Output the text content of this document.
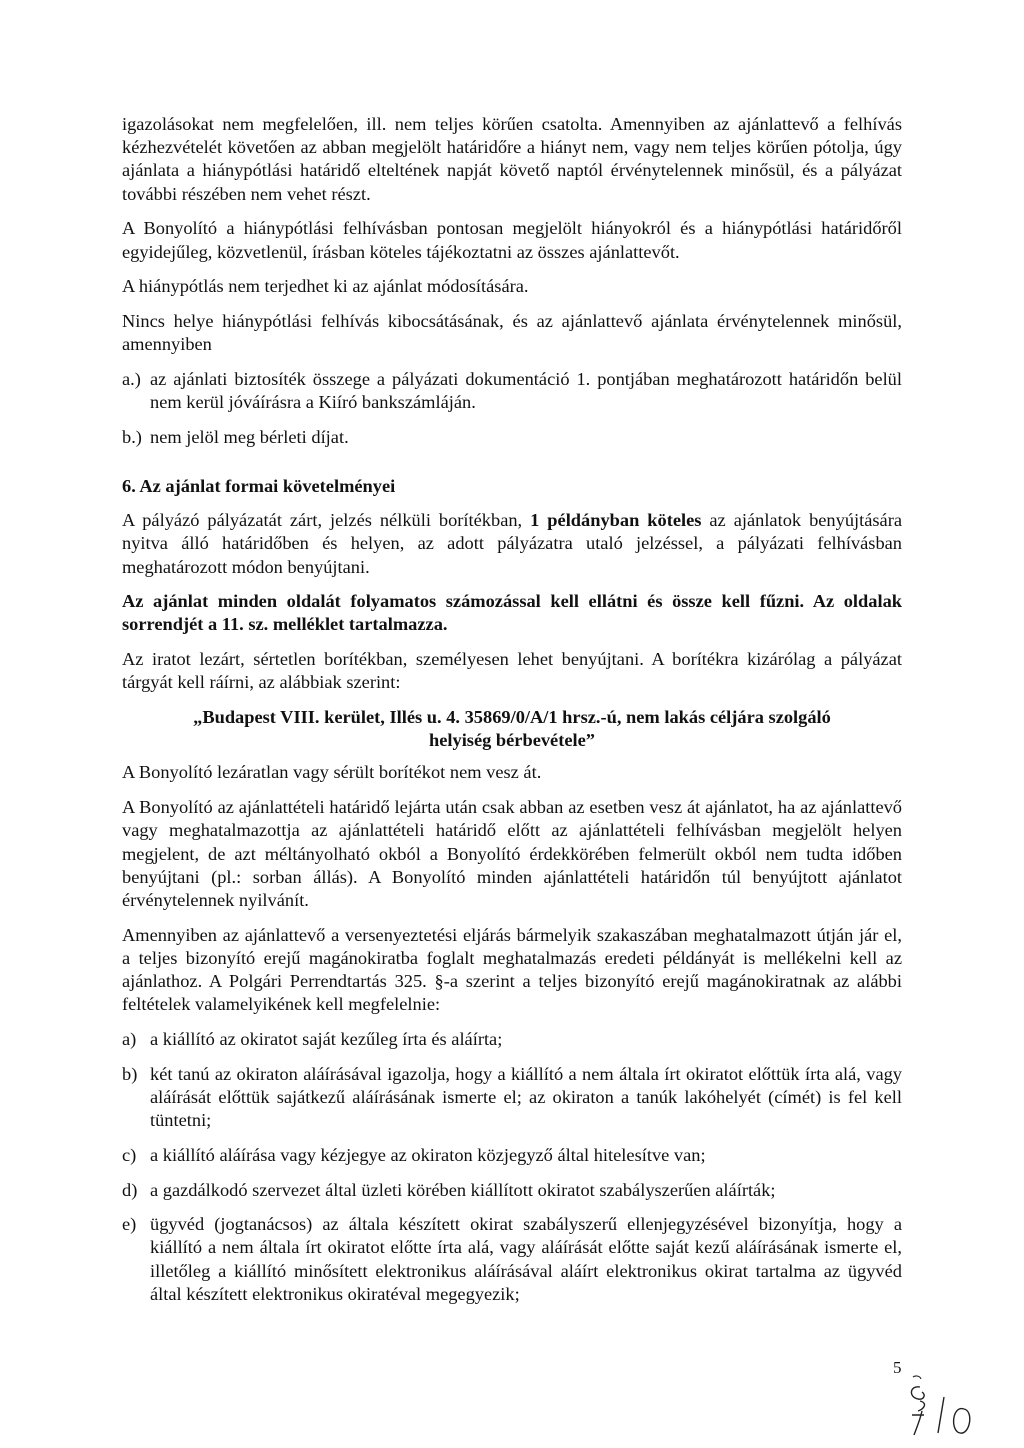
igazolásokat nem megfelelően, ill. nem teljes körűen csatolta. Amennyiben az ajánlattevő a felhívás kézhezvételét követően az abban megjelölt határidőre a hiányt nem, vagy nem teljes körűen pótolja, úgy ajánlata a hiánypótlási határidő elteltének napját követő naptól érvénytelennek minősül, és a pályázat további részében nem vehet részt.

A Bonyolító a hiánypótlási felhívásban pontosan megjelölt hiányokról és a hiánypótlási határidőről egyidejűleg, közvetlenül, írásban köteles tájékoztatni az összes ajánlattevőt.

A hiánypótlás nem terjedhet ki az ajánlat módosítására.

Nincs helye hiánypótlási felhívás kibocsátásának, és az ajánlattevő ajánlata érvénytelennek minősül, amennyiben

a.) az ajánlati biztosíték összege a pályázati dokumentáció 1. pontjában meghatározott határidőn belül nem kerül jóváírásra a Kiíró bankszámláján.
b.) nem jelöl meg bérleti díjat.
6. Az ajánlat formai követelményei

A pályázó pályázatát zárt, jelzés nélküli borítékban, 1 példányban köteles az ajánlatok benyújtására nyitva álló határidőben és helyen, az adott pályázatra utaló jelzéssel, a pályázati felhívásban meghatározott módon benyújtani.

Az ajánlat minden oldalát folyamatos számozással kell ellátni és össze kell fűzni. Az oldalak sorrendjét a 11. sz. melléklet tartalmazza.

Az iratot lezárt, sértetlen borítékban, személyesen lehet benyújtani. A borítékra kizárólag a pályázat tárgyát kell ráírni, az alábbiak szerint:

„Budapest VIII. kerület, Illés u. 4. 35869/0/A/1 hrsz.-ú, nem lakás céljára szolgáló
helyiség bérbevétele”

A Bonyolító lezáratlan vagy sérült borítékot nem vesz át.

A Bonyolító az ajánlattételi határidő lejárta után csak abban az esetben vesz át ajánlatot, ha az ajánlattevő vagy meghatalmazottja az ajánlattételi határidő előtt az ajánlattételi felhívásban megjelölt helyen megjelent, de azt méltányolható okból a Bonyolító érdekkörében felmerült okból nem tudta időben benyújtani (pl.: sorban állás). A Bonyolító minden ajánlattételi határidőn túl benyújtott ajánlatot érvénytelennek nyilvánít.

Amennyiben az ajánlattevő a versenyeztetési eljárás bármelyik szakaszában meghatalmazott útján jár el, a teljes bizonyító erejű magánokiratba foglalt meghatalmazás eredeti példányát is mellékelni kell az ajánlathoz. A Polgári Perrendtartás 325. §-a szerint a teljes bizonyító erejű magánokiratnak az alábbi feltételek valamelyikének kell megfelelnie:

a) a kiállító az okiratot saját kezűleg írta és aláírta;
b) két tanú az okiraton aláírásával igazolja, hogy a kiállító a nem általa írt okiratot előttük írta alá, vagy aláírását előttük sajátkezű aláírásának ismerte el; az okiraton a tanúk lakóhelyét (címét) is fel kell tüntetni;
c) a kiállító aláírása vagy kézjegye az okiraton közjegyző által hitelesítve van;
d) a gazdálkodó szervezet által üzleti körében kiállított okiratot szabályszerűen aláírták;
e) ügyvéd (jogtanácsos) az általa készített okirat szabályszerű ellenjegyzésével bizonyítja, hogy a kiállító a nem általa írt okiratot előtte írta alá, vagy aláírását előtte saját kezű aláírásának ismerte el, illetőleg a kiállító minősített elektronikus aláírásával aláírt elektronikus okirat tartalma az ügyvéd által készített elektronikus okiratéval megegyezik;
5
